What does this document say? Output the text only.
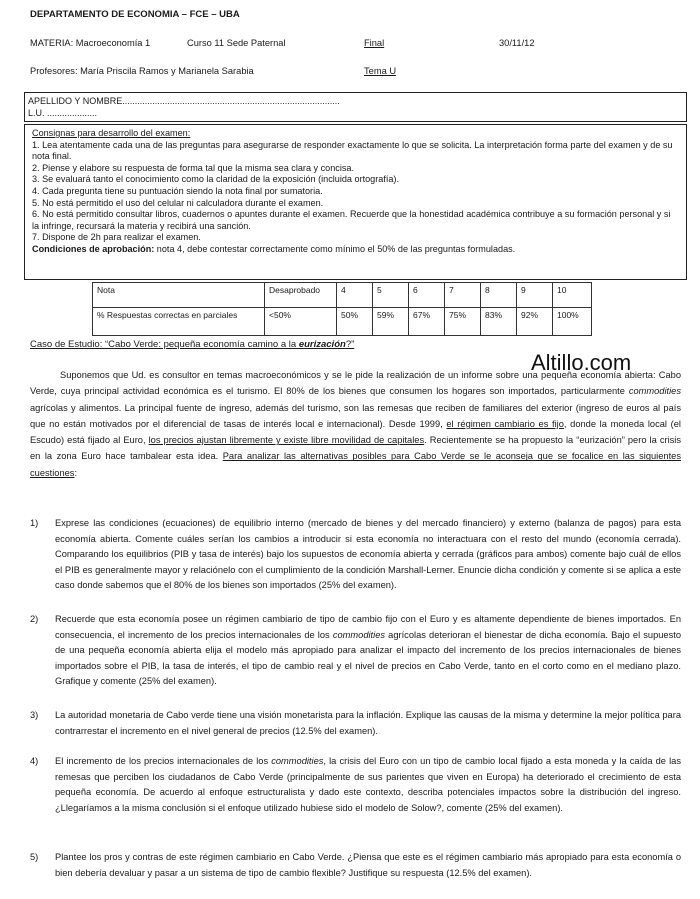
DEPARTAMENTO DE ECONOMIA – FCE – UBA
MATERIA: Macroeconomía 1	Curso 11 Sede Paternal	Final	30/11/12
Profesores: María Priscila Ramos y Marianela Sarabia	Tema U
APELLIDO Y NOMBRE.......................................................................................
L.U. ....................
Consignas para desarrollo del examen:
1. Lea atentamente cada una de las preguntas para asegurarse de responder exactamente lo que se solicita. La interpretación forma parte del examen y de su nota final.
2. Piense y elabore su respuesta de forma tal que la misma sea clara y concisa.
3. Se evaluará tanto el conocimiento como la claridad de la exposición (incluida ortografía).
4. Cada pregunta tiene su puntuación siendo la nota final por sumatoria.
5. No está permitido el uso del celular ni calculadora durante el examen.
6. No está permitido consultar libros, cuadernos o apuntes durante el examen. Recuerde que la honestidad académica contribuye a su formación personal y si la infringe, recursará la materia y recibirá una sanción.
7. Dispone de 2h para realizar el examen.
Condiciones de aprobación: nota 4, debe contestar correctamente como mínimo el 50% de las preguntas formuladas.
Nota	Desaprobado	4	5	6	7	8	9	10
% Respuestas correctas en parciales	<50%	50%	59%	67%	75%	83%	92%	100%
Caso de Estudio: “Cabo Verde: pequeña economía camino a la eurización?”
Altillo.com

Suponemos que Ud. es consultor en temas macroeconómicos y se le pide la realización de un informe sobre una pequeña economía abierta: Cabo Verde, cuya principal actividad económica es el turismo. El 80% de los bienes que consumen los hogares son importados, particularmente commodities agrícolas y alimentos. La principal fuente de ingreso, además del turismo, son las remesas que reciben de familiares del exterior (ingreso de euros al país que no están motivados por el diferencial de tasas de interés local e internacional). Desde 1999, el régimen cambiario es fijo, donde la moneda local (el Escudo) está fijado al Euro, los precios ajustan libremente y existe libre movilidad de capitales. Recientemente se ha propuesto la “eurización” pero la crisis en la zona Euro hace tambalear esta idea. Para analizar las alternativas posibles para Cabo Verde se le aconseja que se focalice en las siguientes cuestiones:

1) Exprese las condiciones (ecuaciones) de equilibrio interno (mercado de bienes y del mercado financiero) y externo (balanza de pagos) para esta economía abierta. Comente cuáles serían los cambios a introducir si esta economía no interactuara con el resto del mundo (economía cerrada). Comparando los equilibrios (PIB y tasa de interés) bajo los supuestos de economía abierta y cerrada (gráficos para ambos) comente bajo cuál de ellos el PIB es generalmente mayor y relaciónelo con el cumplimiento de la condición Marshall-Lerner. Enuncie dicha condición y comente si se aplica a este caso donde sabemos que el 80% de los bienes son importados (25% del examen).
2) Recuerde que esta economía posee un régimen cambiario de tipo de cambio fijo con el Euro y es altamente dependiente de bienes importados. En consecuencia, el incremento de los precios internacionales de los commodities agrícolas deterioran el bienestar de dicha economía. Bajo el supuesto de una pequeña economía abierta elija el modelo más apropiado para analizar el impacto del incremento de los precios internacionales de bienes importados sobre el PIB, la tasa de interés, el tipo de cambio real y el nivel de precios en Cabo Verde, tanto en el corto como en el mediano plazo. Grafique y comente (25% del examen).
3) La autoridad monetaria de Cabo verde tiene una visión monetarista para la inflación. Explique las causas de la misma y determine la mejor política para contrarrestar el incremento en el nivel general de precios (12.5% del examen).
4) El incremento de los precios internacionales de los commodities, la crisis del Euro con un tipo de cambio local fijado a esta moneda y la caída de las remesas que perciben los ciudadanos de Cabo Verde (principalmente de sus parientes que viven en Europa) ha deteriorado el crecimiento de esta pequeña economía. De acuerdo al enfoque estructuralista y dado este contexto, describa potenciales impactos sobre la distribución del ingreso. ¿Llegaríamos a la misma conclusión si el enfoque utilizado hubiese sido el modelo de Solow?, comente (25% del examen).
5) Plantee los pros y contras de este régimen cambiario en Cabo Verde. ¿Piensa que este es el régimen cambiario más apropiado para esta economía o bien debería devaluar y pasar a un sistema de tipo de cambio flexible? Justifique su respuesta (12.5% del examen).
